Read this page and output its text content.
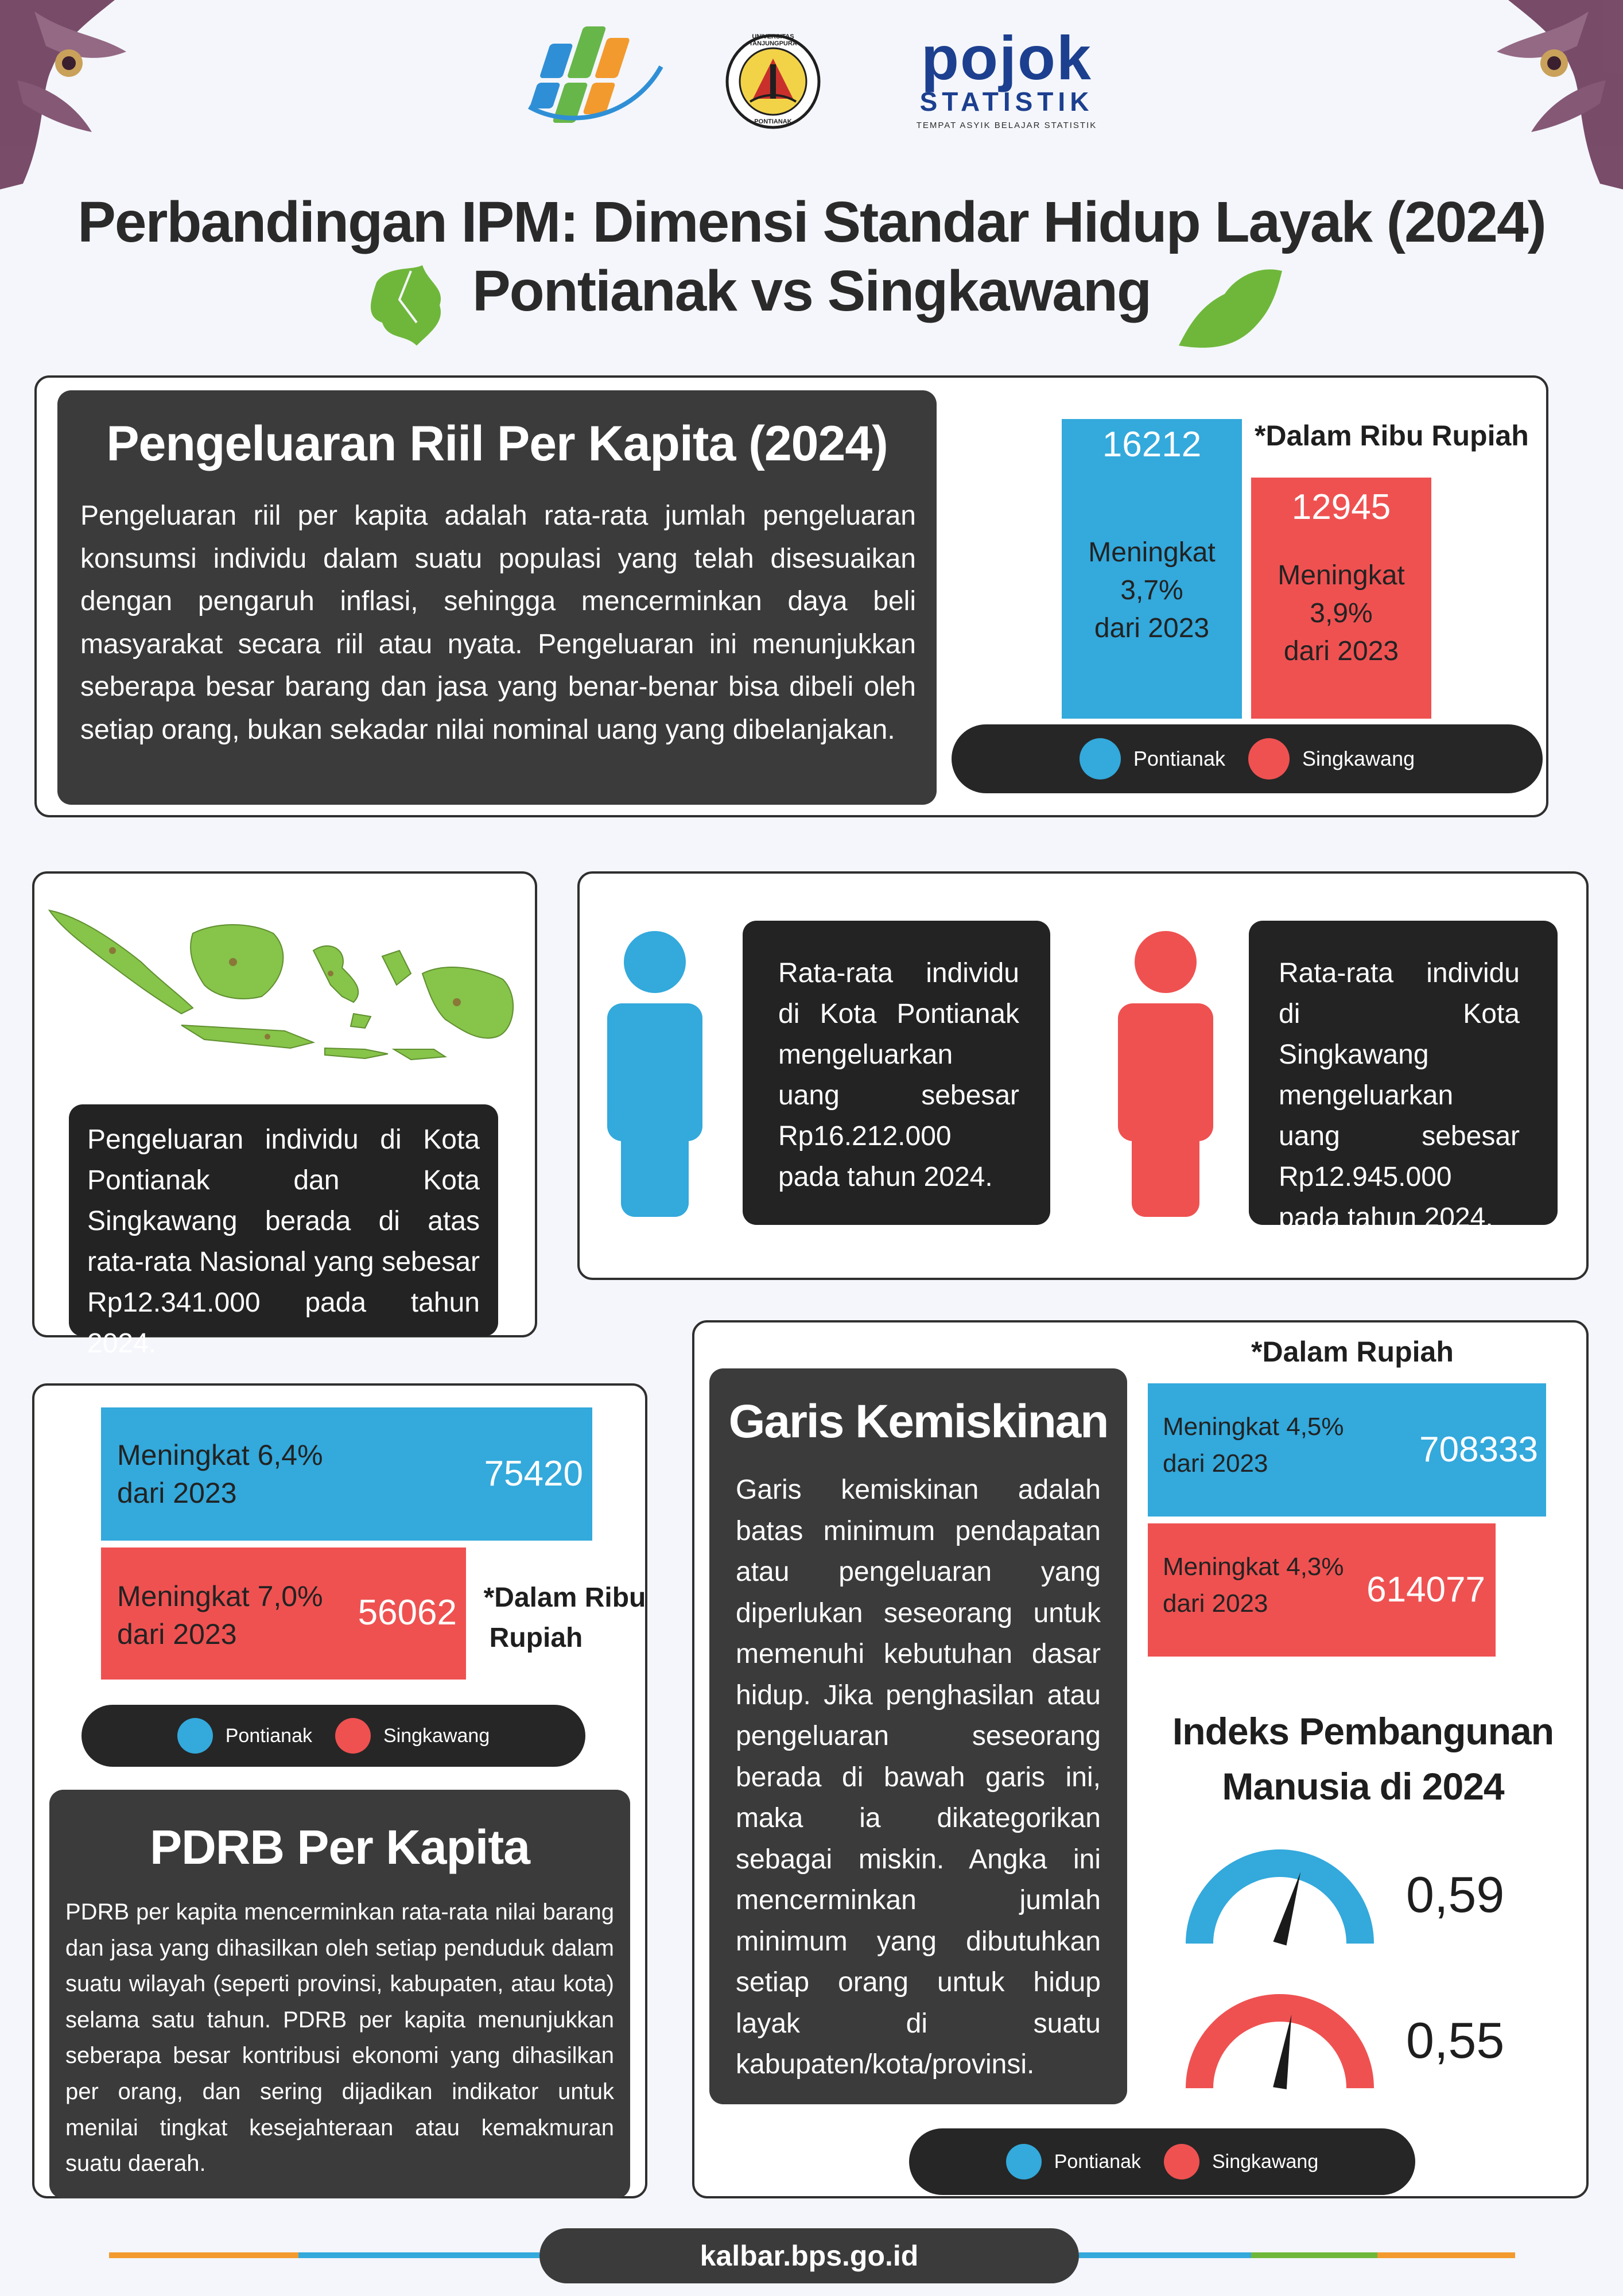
UNIVERSITAS TANJUNGPURA
PONTIANAK
pojok
STATISTIK
TEMPAT ASYIK BELAJAR STATISTIK
Perbandingan IPM: Dimensi Standar Hidup Layak (2024)
Pontianak vs Singkawang
Pengeluaran Riil Per Kapita (2024)
Pengeluaran riil per kapita adalah rata-rata jumlah pengeluaran konsumsi individu dalam suatu populasi yang telah disesuaikan dengan pengaruh inflasi, sehingga mencerminkan daya beli masyarakat secara riil atau nyata. Pengeluaran ini menunjukkan seberapa besar barang dan jasa yang benar-benar bisa dibeli oleh setiap orang, bukan sekadar nilai nominal uang yang dibelanjakan.
16212
Meningkat
3,7%
dari 2023
12945
Meningkat
3,9%
dari 2023
*Dalam Ribu Rupiah
Pontianak	Singkawang
Pengeluaran individu di Kota Pontianak dan Kota Singkawang berada di atas rata-rata Nasional yang sebesar Rp12.341.000 pada tahun 2024.
Rata-rata individu di Kota Pontianak mengeluarkan uang sebesar Rp16.212.000 pada tahun 2024.
Rata-rata individu di Kota Singkawang mengeluarkan uang sebesar Rp12.945.000 pada tahun 2024.
Meningkat 6,4%
dari 2023	75420
Meningkat 7,0%
dari 2023
56062 *Dalam Ribu
Rupiah
Pontianak	Singkawang
PDRB Per Kapita
PDRB per kapita mencerminkan rata-rata nilai barang dan jasa yang dihasilkan oleh setiap penduduk dalam suatu wilayah (seperti provinsi, kabupaten, atau kota) selama satu tahun. PDRB per kapita menunjukkan seberapa besar kontribusi ekonomi yang dihasilkan per orang, dan sering dijadikan indikator untuk menilai tingkat kesejahteraan atau kemakmuran suatu daerah.
*Dalam Rupiah
Garis Kemiskinan
Garis kemiskinan adalah batas minimum pendapatan atau pengeluaran yang diperlukan seseorang untuk memenuhi kebutuhan dasar hidup. Jika penghasilan atau pengeluaran seseorang berada di bawah garis ini, maka ia dikategorikan sebagai miskin. Angka ini mencerminkan jumlah minimum yang dibutuhkan setiap orang untuk hidup layak di suatu kabupaten/kota/provinsi.
Meningkat 4,5%
dari 2023	708333
Meningkat 4,3%
dari 2023	614077
Indeks Pembangunan
Manusia di 2024
0,59
0,55
Pontianak	Singkawang
kalbar.bps.go.id
